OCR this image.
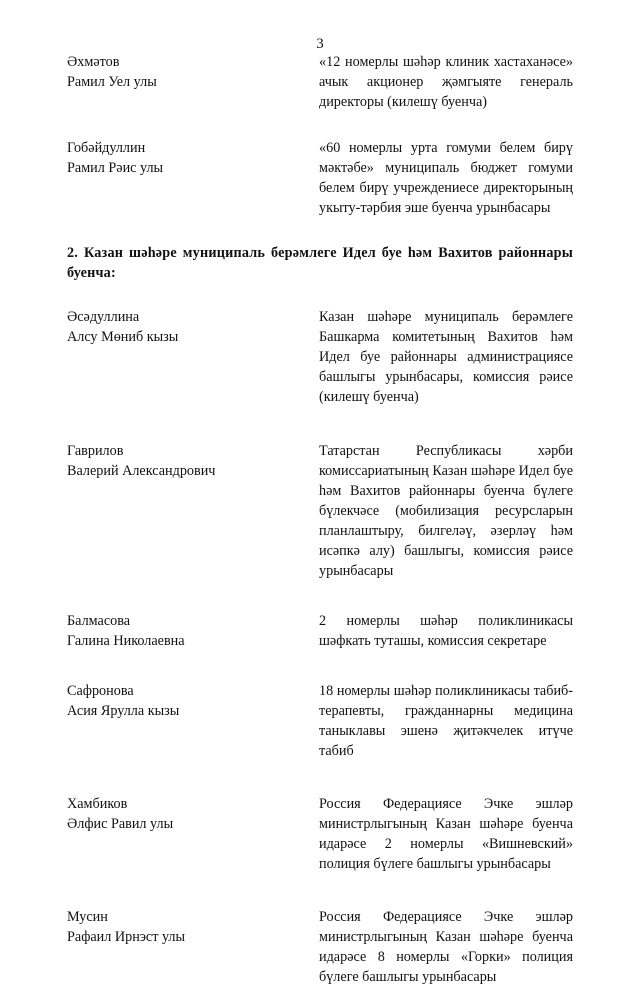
3
Әхмәтов
Рамил Уел улы
«12 номерлы шәһәр клиник хастаханәсе» ачык акционер җәмгыяте генераль директоры (килешү буенча)
Гобәйдуллин
Рамил Рәис улы
«60 номерлы урта гомуми белем бирү мәктәбе» муниципаль бюджет гомуми белем бирү учреждениесе директорының укыту-тәрбия эше буенча урынбасары
2. Казан шәһәре муниципаль берәмлеге Идел буе һәм Вахитов районнары буенча:
Әсәдуллина
Алсу Мөниб кызы
Казан шәһәре муниципаль берәмлеге Башкарма комитетының Вахитов һәм Идел буе районнары администрациясе башлыгы урынбасары, комиссия рәисе (килешү буенча)
Гаврилов
Валерий Александрович
Татарстан Республикасы хәрби комиссариатының Казан шәһәре Идел буе һәм Вахитов районнары буенча бүлеге бүлекчәсе (мобилизация ресурсларын планлаштыру, билгеләү, әзерләү һәм исәпкә алу) башлыгы, комиссия рәисе урынбасары
Балмасова
Галина Николаевна
2 номерлы шәһәр поликлиникасы шәфкать туташы, комиссия секретаре
Сафронова
Асия Ярулла кызы
18 номерлы шәһәр поликлиникасы табиб-терапевты, гражданнарны медицина таныклавы эшенә җитәкчелек итүче табиб
Хамбиков
Әлфис Равил улы
Россия Федерациясе Эчке эшләр министрлыгының Казан шәһәре буенча идарәсе 2 номерлы «Вишневский» полиция бүлеге башлыгы урынбасары
Мусин
Рафаил Ирнэст улы
Россия Федерациясе Эчке эшләр министрлыгының Казан шәһәре буенча идарәсе 8 номерлы «Горки» полиция бүлеге башлыгы урынбасары
